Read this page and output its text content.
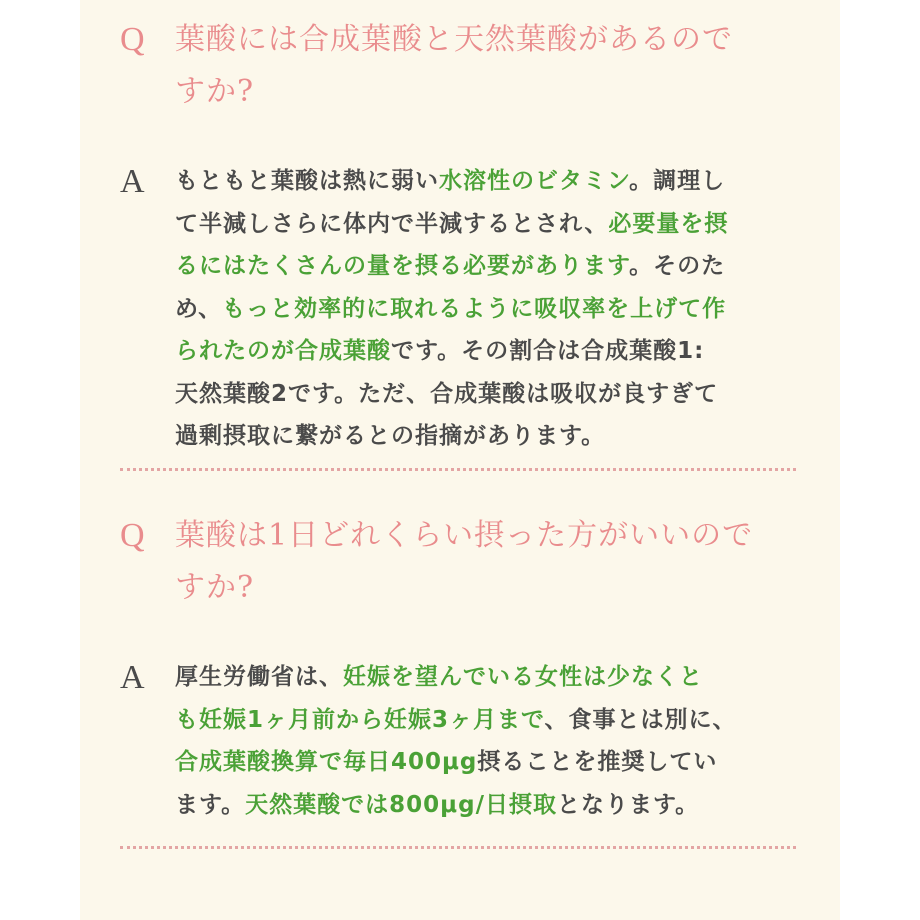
Q 葉酸には合成葉酸と天然葉酸があるので
すか?
A もともと葉酸は熱に弱い水溶性のビタミン。調理し
て半減しさらに体内で半減するとされ、必要量を摂
るにはたくさんの量を摂る必要があります。そのた
め、もっと効率的に取れるように吸収率を上げて作
られたのが合成葉酸です。その割合は合成葉酸1:
天然葉酸2です。ただ、合成葉酸は吸収が良すぎて
過剰摂取に繋がるとの指摘があります。
Q 葉酸は1日どれくらい摂った方がいいので
すか?
A 厚生労働省は、妊娠を望んでいる女性は少なくと
も妊娠1ヶ月前から妊娠3ヶ月まで、食事とは別に、
合成葉酸換算で毎日400μg摂ることを推奨してい
ます。天然葉酸では800μg/日摂取となります。
